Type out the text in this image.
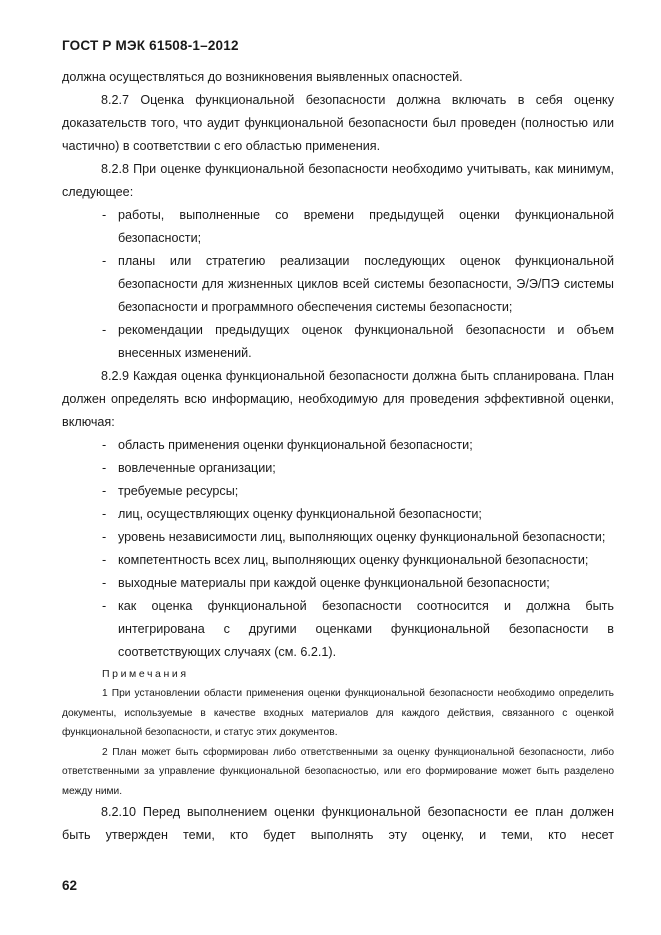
ГОСТ Р МЭК 61508-1–2012

должна осуществляться до возникновения выявленных опасностей.

8.2.7 Оценка функциональной безопасности должна включать в себя оценку доказательств того, что аудит функциональной безопасности был проведен (полностью или частично) в соответствии с его областью применения.

8.2.8 При оценке функциональной безопасности необходимо учитывать, как минимум, следующее:

- работы, выполненные со времени предыдущей оценки функциональной безопасности;
- планы или стратегию реализации последующих оценок функциональной безопасности для жизненных циклов всей системы безопасности, Э/Э/ПЭ системы безопасности и программного обеспечения системы безопасности;
- рекомендации предыдущих оценок функциональной безопасности и объем внесенных изменений.

8.2.9 Каждая оценка функциональной безопасности должна быть спланирована. План должен определять всю информацию, необходимую для проведения эффективной оценки, включая:

- область применения оценки функциональной безопасности;
- вовлеченные организации;
- требуемые ресурсы;
- лиц, осуществляющих оценку функциональной безопасности;
- уровень независимости лиц, выполняющих оценку функциональной безопасности;
- компетентность всех лиц, выполняющих оценку функциональной безопасности;
- выходные материалы при каждой оценке функциональной безопасности;
- как оценка функциональной безопасности соотносится и должна быть интегрирована с другими оценками функциональной безопасности в соответствующих случаях (см. 6.2.1).

Примечания

1 При установлении области применения оценки функциональной безопасности необходимо определить документы, используемые в качестве входных материалов для каждого действия, связанного с оценкой функциональной безопасности, и статус этих документов.

2 План может быть сформирован либо ответственными за оценку функциональной безопасности, либо ответственными за управление функциональной безопасностью, или его формирование может быть разделено между ними.

8.2.10 Перед выполнением оценки функциональной безопасности ее план должен быть утвержден теми, кто будет выполнять эту оценку, и теми, кто несет

62
